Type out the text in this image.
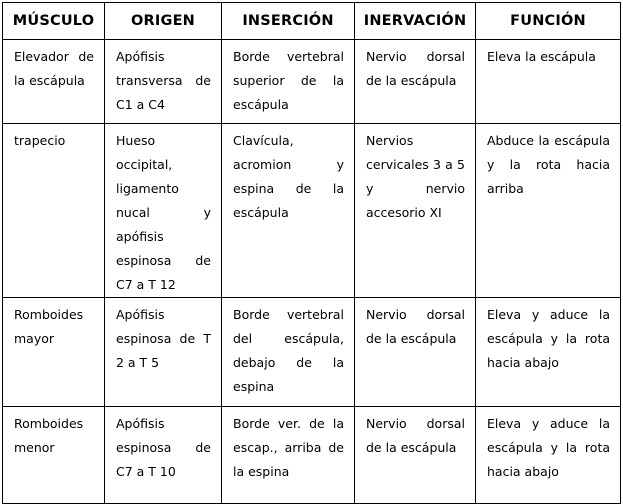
MÚSCULO	ORIGEN	INSERCIÓN	INERVACIÓN	FUNCIÓN

Elevador de la escápula	Apófisis transversa de C1 a C4	Borde vertebral superior de la escápula	Nervio dorsal de la escápula	Eleva la escápula

trapecio	Hueso occipital, ligamento nucal y apófisis espinosa de C7 a T 12	Clavícula, acromion y espina de la escápula	Nervios cervicales 3 a 5 y nervio accesorio XI	Abduce la escápula y la rota hacia arriba

Romboides mayor	Apófisis espinosa de T 2 a T 5	Borde vertebral del escápula, debajo de la espina	Nervio dorsal de la escápula	Eleva y aduce la escápula y la rota hacia abajo

Romboides menor	Apófisis espinosa de C7 a T 10	Borde ver. de la escap., arriba de la espina	Nervio dorsal de la escápula	Eleva y aduce la escápula y la rota hacia abajo
